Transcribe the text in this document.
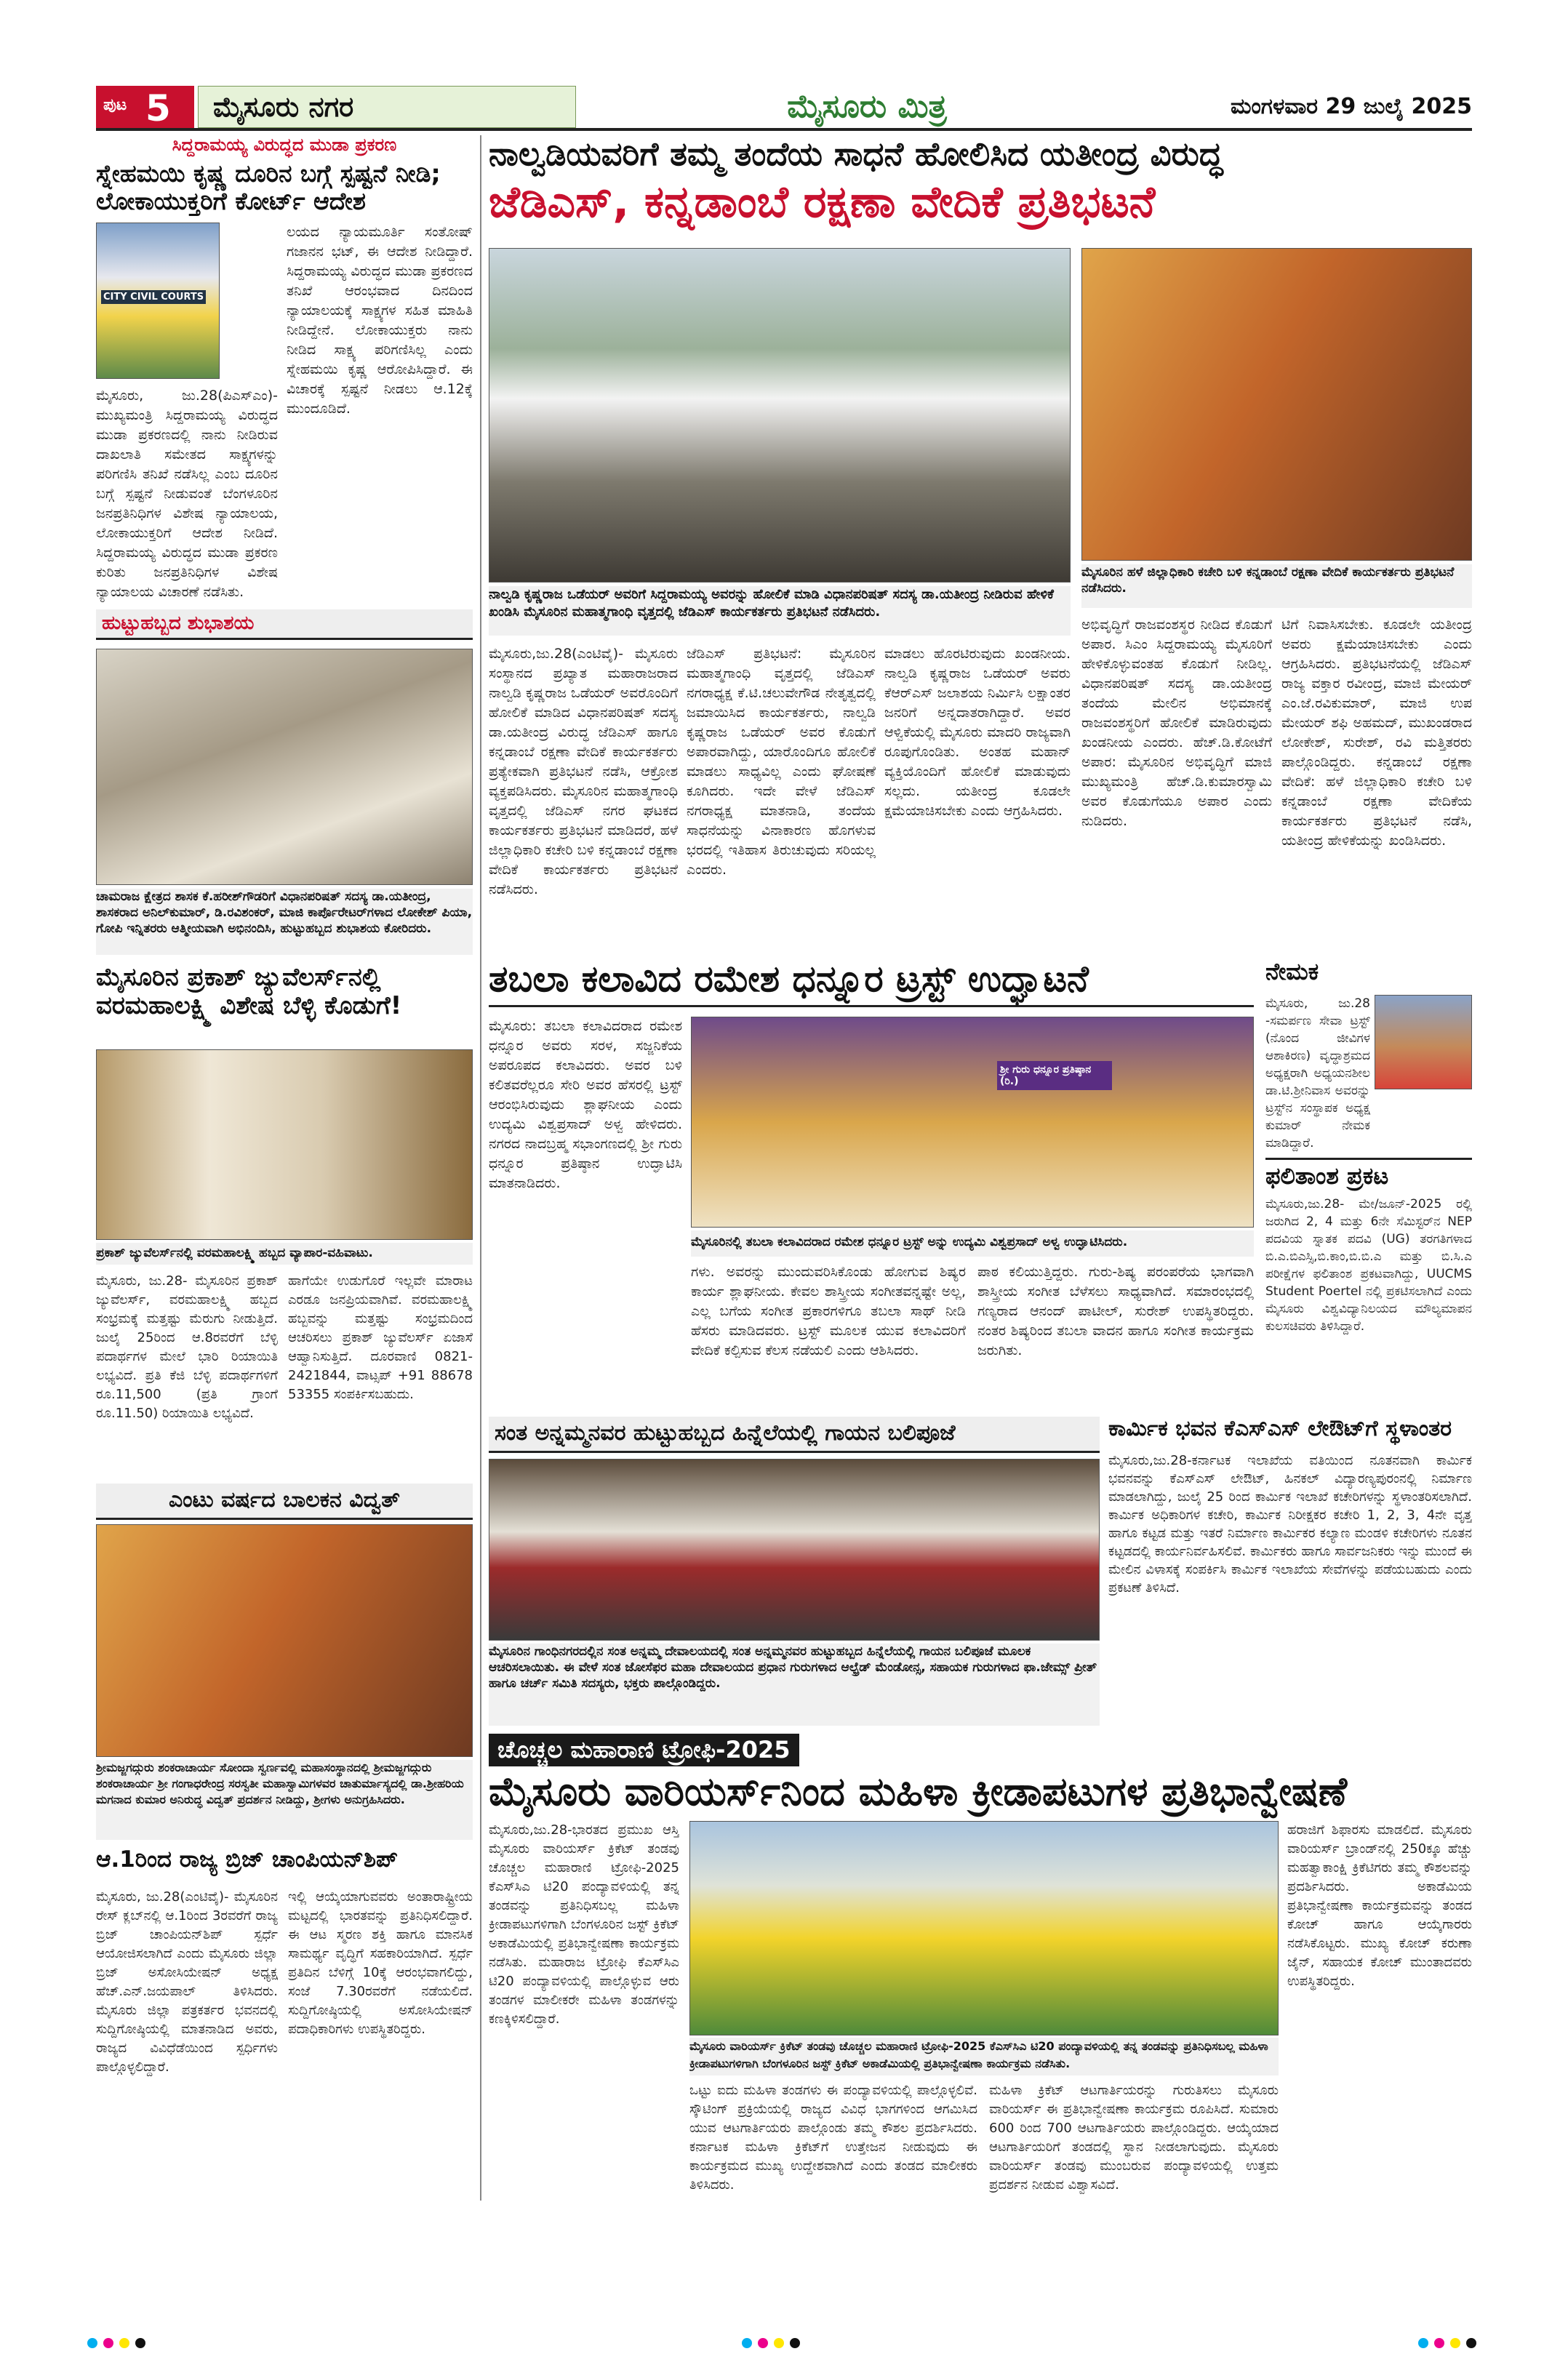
ಪುಟ 5 ಮೈಸೂರು ನಗರ	ಮೈಸೂರು ಮಿತ್ರ	ಮಂಗಳವಾರ 29 ಜುಲೈ 2025
ಸಿದ್ದರಾಮಯ್ಯ ವಿರುದ್ಧದ ಮುಡಾ ಪ್ರಕರಣ
ಸ್ನೇಹಮಯಿ ಕೃಷ್ಣ ದೂರಿನ ಬಗ್ಗೆ ಸ್ಪಷ್ಟನೆ ನೀಡಿ; ಲೋಕಾಯುಕ್ತರಿಗೆ ಕೋರ್ಟ್ ಆದೇಶ
CITY CIVIL COURTS
ಮೈಸೂರು, ಜು.28(ಪಿಎಸ್‌ಎಂ)- ಮುಖ್ಯಮಂತ್ರಿ ಸಿದ್ದರಾಮಯ್ಯ ವಿರುದ್ಧದ ಮುಡಾ ಪ್ರಕರಣದಲ್ಲಿ ನಾನು ನೀಡಿರುವ ದಾಖಲಾತಿ ಸಮೇತದ ಸಾಕ್ಷ್ಯಗಳನ್ನು ಪರಿಗಣಿಸಿ ತನಿಖೆ ನಡೆಸಿಲ್ಲ ಎಂಬ ದೂರಿನ ಬಗ್ಗೆ ಸ್ಪಷ್ಟನೆ ನೀಡುವಂತೆ ಬೆಂಗಳೂರಿನ ಜನಪ್ರತಿನಿಧಿಗಳ ವಿಶೇಷ ನ್ಯಾಯಾಲಯ, ಲೋಕಾಯುಕ್ತರಿಗೆ ಆದೇಶ ನೀಡಿದೆ. ಸಿದ್ದರಾಮಯ್ಯ ವಿರುದ್ಧದ ಮುಡಾ ಪ್ರಕರಣ ಕುರಿತು ಜನಪ್ರತಿನಿಧಿಗಳ ವಿಶೇಷ ನ್ಯಾಯಾಲಯ ವಿಚಾರಣೆ ನಡೆಸಿತು.
ಲಯದ ನ್ಯಾಯಮೂರ್ತಿ ಸಂತೋಷ್ ಗಜಾನನ ಭಟ್, ಈ ಆದೇಶ ನೀಡಿದ್ದಾರೆ. ಸಿದ್ದರಾಮಯ್ಯ ವಿರುದ್ಧದ ಮುಡಾ ಪ್ರಕರಣದ ತನಿಖೆ ಆರಂಭವಾದ ದಿನದಿಂದ ನ್ಯಾಯಾಲಯಕ್ಕೆ ಸಾಕ್ಷ್ಯಗಳ ಸಹಿತ ಮಾಹಿತಿ ನೀಡಿದ್ದೇನೆ. ಲೋಕಾಯುಕ್ತರು ನಾನು ನೀಡಿದ ಸಾಕ್ಷ್ಯ ಪರಿಗಣಿಸಿಲ್ಲ ಎಂದು ಸ್ನೇಹಮಯಿ ಕೃಷ್ಣ ಆರೋಪಿಸಿದ್ದಾರೆ. ಈ ವಿಚಾರಕ್ಕೆ ಸ್ಪಷ್ಟನೆ ನೀಡಲು ಆ.12ಕ್ಕೆ ಮುಂದೂಡಿದೆ.
ಹುಟ್ಟುಹಬ್ಬದ ಶುಭಾಶಯ
ಚಾಮರಾಜ ಕ್ಷೇತ್ರದ ಶಾಸಕ ಕೆ.ಹರೀಶ್‌ಗೌಡರಿಗೆ ವಿಧಾನಪರಿಷತ್ ಸದಸ್ಯ ಡಾ.ಯತೀಂದ್ರ, ಶಾಸಕರಾದ ಅನಿಲ್‌ಕುಮಾರ್, ಡಿ.ರವಿಶಂಕರ್, ಮಾಜಿ ಕಾರ್ಪೊರೇಟರ್‌ಗಳಾದ ಲೋಕೇಶ್ ಪಿಯಾ, ಗೋಪಿ ಇನ್ನಿತರರು ಆತ್ಮೀಯವಾಗಿ ಅಭಿನಂದಿಸಿ, ಹುಟ್ಟುಹಬ್ಬದ ಶುಭಾಶಯ ಕೋರಿದರು.
ಮೈಸೂರಿನ ಪ್ರಕಾಶ್ ಜ್ಯುವೆಲರ್ಸ್‌ನಲ್ಲಿ ವರಮಹಾಲಕ್ಷ್ಮಿ ವಿಶೇಷ ಬೆಳ್ಳಿ ಕೊಡುಗೆ!
ಪ್ರಕಾಶ್ ಜ್ಯುವೆಲರ್ಸ್‌ನಲ್ಲಿ ವರಮಹಾಲಕ್ಷ್ಮಿ ಹಬ್ಬದ ವ್ಯಾಪಾರ-ವಹಿವಾಟು.
ಮೈಸೂರು, ಜು.28- ಮೈಸೂರಿನ ಪ್ರಕಾಶ್ ಜ್ಯುವೆಲರ್ಸ್, ವರಮಹಾಲಕ್ಷ್ಮಿ ಹಬ್ಬದ ಸಂಭ್ರಮಕ್ಕೆ ಮತ್ತಷ್ಟು ಮೆರುಗು ನೀಡುತ್ತಿದೆ. ಜುಲೈ 25ರಿಂದ ಆ.8ರವರೆಗೆ ಬೆಳ್ಳಿ ಪದಾರ್ಥಗಳ ಮೇಲೆ ಭಾರಿ ರಿಯಾಯಿತಿ ಲಭ್ಯವಿದೆ. ಪ್ರತಿ ಕೆಜಿ ಬೆಳ್ಳಿ ಪದಾರ್ಥಗಳಿಗೆ ರೂ.11,500 (ಪ್ರತಿ ಗ್ರಾಂಗೆ ರೂ.11.50) ರಿಯಾಯಿತಿ ಲಭ್ಯವಿದೆ.
ಹಾಗೆಯೇ ಉಡುಗೊರೆ ಇಲ್ಲವೇ ಮಾರಾಟ ಎರಡೂ ಜನಪ್ರಿಯವಾಗಿವೆ. ವರಮಹಾಲಕ್ಷ್ಮಿ ಹಬ್ಬವನ್ನು ಮತ್ತಷ್ಟು ಸಂಭ್ರಮದಿಂದ ಆಚರಿಸಲು ಪ್ರಕಾಶ್ ಜ್ಯುವೆಲರ್ಸ್ ಏಜಾಸೆ ಆಹ್ವಾನಿಸುತ್ತಿದೆ. ದೂರವಾಣಿ 0821-2421844, ವಾಟ್ಸಪ್ +91 88678 53355 ಸಂಪರ್ಕಿಸಬಹುದು.
ಎಂಟು ವರ್ಷದ ಬಾಲಕನ ವಿದ್ವತ್
ಶ್ರೀಮಜ್ಜಗದ್ಗುರು ಶಂಕರಾಚಾರ್ಯ ಸೋಂದಾ ಸ್ವರ್ಣವಲ್ಲಿ ಮಹಾಸಂಸ್ಥಾನದಲ್ಲಿ ಶ್ರೀಮಜ್ಜಗದ್ಗುರು ಶಂಕರಾಚಾರ್ಯ ಶ್ರೀ ಗಂಗಾಧರೇಂದ್ರ ಸರಸ್ವತೀ ಮಹಾಸ್ವಾಮಿಗಳವರ ಚಾತುರ್ಮಾಸ್ಯದಲ್ಲಿ ಡಾ.ಶ್ರೀಹರಿಯ ಮಗನಾದ ಕುಮಾರ ಅನಿರುದ್ಧ ವಿದ್ವತ್ ಪ್ರದರ್ಶನ ನೀಡಿದ್ದು, ಶ್ರೀಗಳು ಅನುಗ್ರಹಿಸಿದರು.
ಆ.1ರಿಂದ ರಾಜ್ಯ ಬ್ರಿಜ್ ಚಾಂಪಿಯನ್‌ಶಿಪ್
ಮೈಸೂರು, ಜು.28(ಎಂಟಿವೈ)- ಮೈಸೂರಿನ ರೇಸ್ ಕ್ಲಬ್‌ನಲ್ಲಿ ಆ.1ರಿಂದ 3ರವರೆಗೆ ರಾಜ್ಯ ಬ್ರಿಜ್ ಚಾಂಪಿಯನ್‌ಶಿಪ್ ಸ್ಪರ್ಧೆ ಆಯೋಜಿಸಲಾಗಿದೆ ಎಂದು ಮೈಸೂರು ಜಿಲ್ಲಾ ಬ್ರಿಜ್ ಅಸೋಸಿಯೇಷನ್ ಅಧ್ಯಕ್ಷ ಹೆಚ್.ಎನ್.ಜಯಪಾಲ್ ತಿಳಿಸಿದರು. ಮೈಸೂರು ಜಿಲ್ಲಾ ಪತ್ರಕರ್ತರ ಭವನದಲ್ಲಿ ಸುದ್ದಿಗೋಷ್ಠಿಯಲ್ಲಿ ಮಾತನಾಡಿದ ಅವರು, ರಾಜ್ಯದ ವಿವಿಧೆಡೆಯಿಂದ ಸ್ಪರ್ಧಿಗಳು ಪಾಲ್ಗೊಳ್ಳಲಿದ್ದಾರೆ.
ಇಲ್ಲಿ ಆಯ್ಕೆಯಾಗುವವರು ಅಂತಾರಾಷ್ಟ್ರೀಯ ಮಟ್ಟದಲ್ಲಿ ಭಾರತವನ್ನು ಪ್ರತಿನಿಧಿಸಲಿದ್ದಾರೆ. ಈ ಆಟ ಸ್ಮರಣ ಶಕ್ತಿ ಹಾಗೂ ಮಾನಸಿಕ ಸಾಮರ್ಥ್ಯ ವೃದ್ಧಿಗೆ ಸಹಕಾರಿಯಾಗಿದೆ. ಸ್ಪರ್ಧೆ ಪ್ರತಿದಿನ ಬೆಳಿಗ್ಗೆ 10ಕ್ಕೆ ಆರಂಭವಾಗಲಿದ್ದು, ಸಂಜೆ 7.30ರವರೆಗೆ ನಡೆಯಲಿದೆ. ಸುದ್ದಿಗೋಷ್ಠಿಯಲ್ಲಿ ಅಸೋಸಿಯೇಷನ್ ಪದಾಧಿಕಾರಿಗಳು ಉಪಸ್ಥಿತರಿದ್ದರು.
ನಾಲ್ವಡಿಯವರಿಗೆ ತಮ್ಮ ತಂದೆಯ ಸಾಧನೆ ಹೋಲಿಸಿದ ಯತೀಂದ್ರ ವಿರುದ್ಧ
ಜೆಡಿಎಸ್, ಕನ್ನಡಾಂಬೆ ರಕ್ಷಣಾ ವೇದಿಕೆ ಪ್ರತಿಭಟನೆ
ನಾಲ್ವಡಿ ಕೃಷ್ಣರಾಜ ಒಡೆಯರ್ ಅವರಿಗೆ ಸಿದ್ದರಾಮಯ್ಯ ಅವರನ್ನು ಹೋಲಿಕೆ ಮಾಡಿ ವಿಧಾನಪರಿಷತ್ ಸದಸ್ಯ ಡಾ.ಯತೀಂದ್ರ ನೀಡಿರುವ ಹೇಳಿಕೆ ಖಂಡಿಸಿ ಮೈಸೂರಿನ ಮಹಾತ್ಮಗಾಂಧಿ ವೃತ್ತದಲ್ಲಿ ಜೆಡಿಎಸ್ ಕಾರ್ಯಕರ್ತರು ಪ್ರತಿಭಟನೆ ನಡೆಸಿದರು.
ಮೈಸೂರಿನ ಹಳೆ ಜಿಲ್ಲಾಧಿಕಾರಿ ಕಚೇರಿ ಬಳಿ ಕನ್ನಡಾಂಬೆ ರಕ್ಷಣಾ ವೇದಿಕೆ ಕಾರ್ಯಕರ್ತರು ಪ್ರತಿಭಟನೆ ನಡೆಸಿದರು.
ಮೈಸೂರು,ಜು.28(ಎಂಟಿವೈ)- ಮೈಸೂರು ಸಂಸ್ಥಾನದ ಪ್ರಖ್ಯಾತ ಮಹಾರಾಜರಾದ ನಾಲ್ವಡಿ ಕೃಷ್ಣರಾಜ ಒಡೆಯರ್ ಅವರೊಂದಿಗೆ ಹೋಲಿಕೆ ಮಾಡಿದ ವಿಧಾನಪರಿಷತ್ ಸದಸ್ಯ ಡಾ.ಯತೀಂದ್ರ ವಿರುದ್ಧ ಜೆಡಿಎಸ್ ಹಾಗೂ ಕನ್ನಡಾಂಬೆ ರಕ್ಷಣಾ ವೇದಿಕೆ ಕಾರ್ಯಕರ್ತರು ಪ್ರತ್ಯೇಕವಾಗಿ ಪ್ರತಿಭಟನೆ ನಡೆಸಿ, ಆಕ್ರೋಶ ವ್ಯಕ್ತಪಡಿಸಿದರು. ಮೈಸೂರಿನ ಮಹಾತ್ಮಗಾಂಧಿ ವೃತ್ತದಲ್ಲಿ ಜೆಡಿಎಸ್ ನಗರ ಘಟಕದ ಕಾರ್ಯಕರ್ತರು ಪ್ರತಿಭಟನೆ ಮಾಡಿದರೆ, ಹಳೆ ಜಿಲ್ಲಾಧಿಕಾರಿ ಕಚೇರಿ ಬಳಿ ಕನ್ನಡಾಂಬೆ ರಕ್ಷಣಾ ವೇದಿಕೆ ಕಾರ್ಯಕರ್ತರು ಪ್ರತಿಭಟನೆ ನಡೆಸಿದರು.
ಜೆಡಿಎಸ್ ಪ್ರತಿಭಟನೆ: ಮೈಸೂರಿನ ಮಹಾತ್ಮಗಾಂಧಿ ವೃತ್ತದಲ್ಲಿ ಜೆಡಿಎಸ್ ನಗರಾಧ್ಯಕ್ಷ ಕೆ.ಟಿ.ಚಲುವೇಗೌಡ ನೇತೃತ್ವದಲ್ಲಿ ಜಮಾಯಿಸಿದ ಕಾರ್ಯಕರ್ತರು, ನಾಲ್ವಡಿ ಕೃಷ್ಣರಾಜ ಒಡೆಯರ್ ಅವರ ಕೊಡುಗೆ ಅಪಾರವಾಗಿದ್ದು, ಯಾರೊಂದಿಗೂ ಹೋಲಿಕೆ ಮಾಡಲು ಸಾಧ್ಯವಿಲ್ಲ ಎಂದು ಘೋಷಣೆ ಕೂಗಿದರು. ಇದೇ ವೇಳೆ ಜೆಡಿಎಸ್ ನಗರಾಧ್ಯಕ್ಷ ಮಾತನಾಡಿ, ತಂದೆಯ ಸಾಧನೆಯನ್ನು ವಿನಾಕಾರಣ ಹೊಗಳುವ ಭರದಲ್ಲಿ ಇತಿಹಾಸ ತಿರುಚುವುದು ಸರಿಯಲ್ಲ ಎಂದರು.
ಮಾಡಲು ಹೊರಟಿರುವುದು ಖಂಡನೀಯ. ನಾಲ್ವಡಿ ಕೃಷ್ಣರಾಜ ಒಡೆಯರ್ ಅವರು ಕೆಆರ್‌ಎಸ್ ಜಲಾಶಯ ನಿರ್ಮಿಸಿ ಲಕ್ಷಾಂತರ ಜನರಿಗೆ ಅನ್ನದಾತರಾಗಿದ್ದಾರೆ. ಅವರ ಆಳ್ವಿಕೆಯಲ್ಲಿ ಮೈಸೂರು ಮಾದರಿ ರಾಜ್ಯವಾಗಿ ರೂಪುಗೊಂಡಿತು. ಅಂತಹ ಮಹಾನ್ ವ್ಯಕ್ತಿಯೊಂದಿಗೆ ಹೋಲಿಕೆ ಮಾಡುವುದು ಸಲ್ಲದು. ಯತೀಂದ್ರ ಕೂಡಲೇ ಕ್ಷಮೆಯಾಚಿಸಬೇಕು ಎಂದು ಆಗ್ರಹಿಸಿದರು.
ಅಭಿವೃದ್ಧಿಗೆ ರಾಜವಂಶಸ್ಥರ ನೀಡಿದ ಕೊಡುಗೆ ಅಪಾರ. ಸಿಎಂ ಸಿದ್ದರಾಮಯ್ಯ ಮೈಸೂರಿಗೆ ಹೇಳಿಕೊಳ್ಳುವಂತಹ ಕೊಡುಗೆ ನೀಡಿಲ್ಲ. ವಿಧಾನಪರಿಷತ್ ಸದಸ್ಯ ಡಾ.ಯತೀಂದ್ರ ತಂದೆಯ ಮೇಲಿನ ಅಭಿಮಾನಕ್ಕೆ ರಾಜವಂಶಸ್ಥರಿಗೆ ಹೋಲಿಕೆ ಮಾಡಿರುವುದು ಖಂಡನೀಯ ಎಂದರು. ಹೆಚ್.ಡಿ.ಕೋಟೆಗೆ ಅಪಾರ: ಮೈಸೂರಿನ ಅಭಿವೃದ್ಧಿಗೆ ಮಾಜಿ ಮುಖ್ಯಮಂತ್ರಿ ಹೆಚ್.ಡಿ.ಕುಮಾರಸ್ವಾಮಿ ಅವರ ಕೊಡುಗೆಯೂ ಅಪಾರ ಎಂದು ನುಡಿದರು.
ಟಿಗೆ ನಿವಾಸಿಸಬೇಕು. ಕೂಡಲೇ ಯತೀಂದ್ರ ಅವರು ಕ್ಷಮೆಯಾಚಿಸಬೇಕು ಎಂದು ಆಗ್ರಹಿಸಿದರು. ಪ್ರತಿಭಟನೆಯಲ್ಲಿ ಜೆಡಿಎಸ್ ರಾಜ್ಯ ವಕ್ತಾರ ರವೀಂದ್ರ, ಮಾಜಿ ಮೇಯರ್ ಎಂ.ಜೆ.ರವಿಕುಮಾರ್, ಮಾಜಿ ಉಪ ಮೇಯರ್ ಶಫಿ ಅಹಮದ್, ಮುಖಂಡರಾದ ಲೋಕೇಶ್, ಸುರೇಶ್, ರವಿ ಮತ್ತಿತರರು ಪಾಲ್ಗೊಂಡಿದ್ದರು. ಕನ್ನಡಾಂಬೆ ರಕ್ಷಣಾ ವೇದಿಕೆ: ಹಳೆ ಜಿಲ್ಲಾಧಿಕಾರಿ ಕಚೇರಿ ಬಳಿ ಕನ್ನಡಾಂಬೆ ರಕ್ಷಣಾ ವೇದಿಕೆಯ ಕಾರ್ಯಕರ್ತರು ಪ್ರತಿಭಟನೆ ನಡೆಸಿ, ಯತೀಂದ್ರ ಹೇಳಿಕೆಯನ್ನು ಖಂಡಿಸಿದರು.
ತಬಲಾ ಕಲಾವಿದ ರಮೇಶ ಧನ್ನೂರ ಟ್ರಸ್ಟ್ ಉದ್ಘಾಟನೆ
ಶ್ರೀ ಗುರು ಧನ್ನೂರ ಪ್ರತಿಷ್ಠಾನ (ರಿ.)
ಮೈಸೂರಿನಲ್ಲಿ ತಬಲಾ ಕಲಾವಿದರಾದ ರಮೇಶ ಧನ್ನೂರ ಟ್ರಸ್ಟ್ ಅನ್ನು ಉದ್ಯಮಿ ವಿಶ್ವಪ್ರಸಾದ್ ಅಳ್ವ ಉದ್ಘಾಟಿಸಿದರು.
ಮೈಸೂರು: ತಬಲಾ ಕಲಾವಿದರಾದ ರಮೇಶ ಧನ್ನೂರ ಅವರು ಸರಳ, ಸಜ್ಜನಿಕೆಯ ಅಪರೂಪದ ಕಲಾವಿದರು. ಅವರ ಬಳಿ ಕಲಿತವರೆಲ್ಲರೂ ಸೇರಿ ಅವರ ಹೆಸರಲ್ಲಿ ಟ್ರಸ್ಟ್ ಆರಂಭಿಸಿರುವುದು ಶ್ಲಾಘನೀಯ ಎಂದು ಉದ್ಯಮಿ ವಿಶ್ವಪ್ರಸಾದ್ ಅಳ್ವ ಹೇಳಿದರು. ನಗರದ ನಾದಬ್ರಹ್ಮ ಸಭಾಂಗಣದಲ್ಲಿ ಶ್ರೀ ಗುರು ಧನ್ನೂರ ಪ್ರತಿಷ್ಠಾನ ಉದ್ಘಾಟಿಸಿ ಮಾತನಾಡಿದರು.
ಗಳು. ಅವರನ್ನು ಮುಂದುವರಿಸಿಕೊಂಡು ಹೋಗುವ ಶಿಷ್ಯರ ಕಾರ್ಯ ಶ್ಲಾಘನೀಯ. ಕೇವಲ ಶಾಸ್ತ್ರೀಯ ಸಂಗೀತವನ್ನಷ್ಟೇ ಅಲ್ಲ, ಎಲ್ಲ ಬಗೆಯ ಸಂಗೀತ ಪ್ರಕಾರಗಳಿಗೂ ತಬಲಾ ಸಾಥ್ ನೀಡಿ ಹೆಸರು ಮಾಡಿದವರು. ಟ್ರಸ್ಟ್ ಮೂಲಕ ಯುವ ಕಲಾವಿದರಿಗೆ ವೇದಿಕೆ ಕಲ್ಪಿಸುವ ಕೆಲಸ ನಡೆಯಲಿ ಎಂದು ಆಶಿಸಿದರು.
ಪಾಠ ಕಲಿಯುತ್ತಿದ್ದರು. ಗುರು-ಶಿಷ್ಯ ಪರಂಪರೆಯ ಭಾಗವಾಗಿ ಶಾಸ್ತ್ರೀಯ ಸಂಗೀತ ಬೆಳೆಸಲು ಸಾಧ್ಯವಾಗಿದೆ. ಸಮಾರಂಭದಲ್ಲಿ ಗಣ್ಯರಾದ ಆನಂದ್ ಪಾಟೀಲ್, ಸುರೇಶ್ ಉಪಸ್ಥಿತರಿದ್ದರು. ನಂತರ ಶಿಷ್ಯರಿಂದ ತಬಲಾ ವಾದನ ಹಾಗೂ ಸಂಗೀತ ಕಾರ್ಯಕ್ರಮ ಜರುಗಿತು.
ನೇಮಕ
ಮೈಸೂರು, ಜು.28 -ಸಮರ್ಪಣ ಸೇವಾ ಟ್ರಸ್ಟ್ (ನೊಂದ ಜೀವಿಗಳ ಆಶಾಕಿರಣ) ವೃದ್ಧಾಶ್ರಮದ ಅಧ್ಯಕ್ಷರಾಗಿ ಅಧ್ಯಯನಶೀಲ ಡಾ.ಟಿ.ಶ್ರೀನಿವಾಸ ಅವರನ್ನು ಟ್ರಸ್ಟ್‌ನ ಸಂಸ್ಥಾಪಕ ಅಧ್ಯಕ್ಷ ಕುಮಾರ್ ನೇಮಕ ಮಾಡಿದ್ದಾರೆ.
ಫಲಿತಾಂಶ ಪ್ರಕಟ
ಮೈಸೂರು,ಜು.28- ಮೇ/ಜೂನ್-2025 ರಲ್ಲಿ ಜರುಗಿದ 2, 4 ಮತ್ತು 6ನೇ ಸೆಮಿಸ್ಟರ್‌ನ NEP ಪದವಿಯ ಸ್ನಾತಕ ಪದವಿ (UG) ತರಗತಿಗಳಾದ ಬಿ.ಎ.ಬಿಎಸ್ಸಿ,ಬಿ.ಕಾಂ,ಬಿ.ಬಿ.ಎ ಮತ್ತು ಬಿ.ಸಿ.ಎ ಪರೀಕ್ಷೆಗಳ ಫಲಿತಾಂಶ ಪ್ರಕಟವಾಗಿದ್ದು, UUCMS Student Poertel ನಲ್ಲಿ ಪ್ರಕಟಿಸಲಾಗಿದೆ ಎಂದು ಮೈಸೂರು ವಿಶ್ವವಿದ್ಯಾನಿಲಯದ ಮೌಲ್ಯಮಾಪನ ಕುಲಸಚಿವರು ತಿಳಿಸಿದ್ದಾರೆ.
ಸಂತ ಅನ್ನಮ್ಮನವರ ಹುಟ್ಟುಹಬ್ಬದ ಹಿನ್ನೆಲೆಯಲ್ಲಿ ಗಾಯನ ಬಲಿಪೂಜೆ
ಮೈಸೂರಿನ ಗಾಂಧಿನಗರದಲ್ಲಿನ ಸಂತ ಅನ್ನಮ್ಮ ದೇವಾಲಯದಲ್ಲಿ ಸಂತ ಅನ್ನಮ್ಮನವರ ಹುಟ್ಟುಹಬ್ಬದ ಹಿನ್ನೆಲೆಯಲ್ಲಿ ಗಾಯನ ಬಲಿಪೂಜೆ ಮೂಲಕ ಆಚರಿಸಲಾಯಿತು. ಈ ವೇಳೆ ಸಂತ ಜೋಸೆಫರ ಮಹಾ ದೇವಾಲಯದ ಪ್ರಧಾನ ಗುರುಗಳಾದ ಆಲ್ಫ್ರೆಡ್ ಮೆಂಡೋನ್ಸ, ಸಹಾಯಕ ಗುರುಗಳಾದ ಫಾ.ಜೇಮ್ಸ್ ಪ್ರೀತ್ ಹಾಗೂ ಚರ್ಚ್ ಸಮಿತಿ ಸದಸ್ಯರು, ಭಕ್ತರು ಪಾಲ್ಗೊಂಡಿದ್ದರು.
ಕಾರ್ಮಿಕ ಭವನ ಕೆಎಸ್‌ಎಸ್ ಲೇಔಟ್‌ಗೆ ಸ್ಥಳಾಂತರ
ಮೈಸೂರು,ಜು.28-ಕರ್ನಾಟಕ ಇಲಾಖೆಯ ವತಿಯಿಂದ ನೂತನವಾಗಿ ಕಾರ್ಮಿಕ ಭವನವನ್ನು ಕೆಎಸ್‌ಎಸ್ ಲೇಔಟ್, ಹಿನಕಲ್ ವಿದ್ಯಾರಣ್ಯಪುರಂನಲ್ಲಿ ನಿರ್ಮಾಣ ಮಾಡಲಾಗಿದ್ದು, ಜುಲೈ 25 ರಿಂದ ಕಾರ್ಮಿಕ ಇಲಾಖೆ ಕಚೇರಿಗಳನ್ನು ಸ್ಥಳಾಂತರಿಸಲಾಗಿದೆ. ಕಾರ್ಮಿಕ ಅಧಿಕಾರಿಗಳ ಕಚೇರಿ, ಕಾರ್ಮಿಕ ನಿರೀಕ್ಷಕರ ಕಚೇರಿ 1, 2, 3, 4ನೇ ವೃತ್ತ ಹಾಗೂ ಕಟ್ಟಡ ಮತ್ತು ಇತರೆ ನಿರ್ಮಾಣ ಕಾರ್ಮಿಕರ ಕಲ್ಯಾಣ ಮಂಡಳಿ ಕಚೇರಿಗಳು ನೂತನ ಕಟ್ಟಡದಲ್ಲಿ ಕಾರ್ಯನಿರ್ವಹಿಸಲಿವೆ. ಕಾರ್ಮಿಕರು ಹಾಗೂ ಸಾರ್ವಜನಿಕರು ಇನ್ನು ಮುಂದೆ ಈ ಮೇಲಿನ ವಿಳಾಸಕ್ಕೆ ಸಂಪರ್ಕಿಸಿ ಕಾರ್ಮಿಕ ಇಲಾಖೆಯ ಸೇವೆಗಳನ್ನು ಪಡೆಯಬಹುದು ಎಂದು ಪ್ರಕಟಣೆ ತಿಳಿಸಿದೆ.
ಚೊಚ್ಚಲ ಮಹಾರಾಣಿ ಟ್ರೋಫಿ-2025
ಮೈಸೂರು ವಾರಿಯರ್ಸ್‌ನಿಂದ ಮಹಿಳಾ ಕ್ರೀಡಾಪಟುಗಳ ಪ್ರತಿಭಾನ್ವೇಷಣೆ
ಮೈಸೂರು,ಜು.28-ಭಾರತದ ಪ್ರಮುಖ ಆಸ್ತಿ ಮೈಸೂರು ವಾರಿಯರ್ಸ್ ಕ್ರಿಕೆಟ್ ತಂಡವು ಚೊಚ್ಚಲ ಮಹಾರಾಣಿ ಟ್ರೋಫಿ-2025 ಕೆಎಸ್‌ಸಿಎ ಟಿ20 ಪಂದ್ಯಾವಳಿಯಲ್ಲಿ ತನ್ನ ತಂಡವನ್ನು ಪ್ರತಿನಿಧಿಸಬಲ್ಲ ಮಹಿಳಾ ಕ್ರೀಡಾಪಟುಗಳಿಗಾಗಿ ಬೆಂಗಳೂರಿನ ಜಸ್ಟ್ ಕ್ರಿಕೆಟ್ ಅಕಾಡೆಮಿಯಲ್ಲಿ ಪ್ರತಿಭಾನ್ವೇಷಣಾ ಕಾರ್ಯಕ್ರಮ ನಡೆಸಿತು. ಮಹಾರಾಜ ಟ್ರೋಫಿ ಕೆಎಸ್‌ಸಿಎ ಟಿ20 ಪಂದ್ಯಾವಳಿಯಲ್ಲಿ ಪಾಲ್ಗೊಳ್ಳುವ ಆರು ತಂಡಗಳ ಮಾಲೀಕರೇ ಮಹಿಳಾ ತಂಡಗಳನ್ನು ಕಣಕ್ಕಿಳಿಸಲಿದ್ದಾರೆ.
ಮೈಸೂರು ವಾರಿಯರ್ಸ್ ಕ್ರಿಕೆಟ್ ತಂಡವು ಚೊಚ್ಚಲ ಮಹಾರಾಣಿ ಟ್ರೋಫಿ-2025 ಕೆಎಸ್‌ಸಿಎ ಟಿ20 ಪಂದ್ಯಾವಳಿಯಲ್ಲಿ ತನ್ನ ತಂಡವನ್ನು ಪ್ರತಿನಿಧಿಸಬಲ್ಲ ಮಹಿಳಾ ಕ್ರೀಡಾಪಟುಗಳಿಗಾಗಿ ಬೆಂಗಳೂರಿನ ಜಸ್ಟ್ ಕ್ರಿಕೆಟ್ ಅಕಾಡೆಮಿಯಲ್ಲಿ ಪ್ರತಿಭಾನ್ವೇಷಣಾ ಕಾರ್ಯಕ್ರಮ ನಡೆಸಿತು.
ಒಟ್ಟು ಐದು ಮಹಿಳಾ ತಂಡಗಳು ಈ ಪಂದ್ಯಾವಳಿಯಲ್ಲಿ ಪಾಲ್ಗೊಳ್ಳಲಿವೆ. ಸ್ಕೌಟಿಂಗ್ ಪ್ರಕ್ರಿಯೆಯಲ್ಲಿ ರಾಜ್ಯದ ವಿವಿಧ ಭಾಗಗಳಿಂದ ಆಗಮಿಸಿದ ಯುವ ಆಟಗಾರ್ತಿಯರು ಪಾಲ್ಗೊಂಡು ತಮ್ಮ ಕೌಶಲ ಪ್ರದರ್ಶಿಸಿದರು. ಕರ್ನಾಟಕ ಮಹಿಳಾ ಕ್ರಿಕೆಟ್‌ಗೆ ಉತ್ತೇಜನ ನೀಡುವುದು ಈ ಕಾರ್ಯಕ್ರಮದ ಮುಖ್ಯ ಉದ್ದೇಶವಾಗಿದೆ ಎಂದು ತಂಡದ ಮಾಲೀಕರು ತಿಳಿಸಿದರು.
ಮಹಿಳಾ ಕ್ರಿಕೆಟ್ ಆಟಗಾರ್ತಿಯರನ್ನು ಗುರುತಿಸಲು ಮೈಸೂರು ವಾರಿಯರ್ಸ್ ಈ ಪ್ರತಿಭಾನ್ವೇಷಣಾ ಕಾರ್ಯಕ್ರಮ ರೂಪಿಸಿದೆ. ಸುಮಾರು 600 ರಿಂದ 700 ಆಟಗಾರ್ತಿಯರು ಪಾಲ್ಗೊಂಡಿದ್ದರು. ಆಯ್ಕೆಯಾದ ಆಟಗಾರ್ತಿಯರಿಗೆ ತಂಡದಲ್ಲಿ ಸ್ಥಾನ ನೀಡಲಾಗುವುದು. ಮೈಸೂರು ವಾರಿಯರ್ಸ್ ತಂಡವು ಮುಂಬರುವ ಪಂದ್ಯಾವಳಿಯಲ್ಲಿ ಉತ್ತಮ ಪ್ರದರ್ಶನ ನೀಡುವ ವಿಶ್ವಾಸವಿದೆ.
ಹರಾಜಿಗೆ ಶಿಫಾರಸು ಮಾಡಲಿದೆ. ಮೈಸೂರು ವಾರಿಯರ್ಸ್ ಬ್ರಾಂಡ್‌ನಲ್ಲಿ 250ಕ್ಕೂ ಹೆಚ್ಚು ಮಹತ್ವಾಕಾಂಕ್ಷಿ ಕ್ರಿಕೆಟಿಗರು ತಮ್ಮ ಕೌಶಲವನ್ನು ಪ್ರದರ್ಶಿಸಿದರು. ಅಕಾಡೆಮಿಯ ಪ್ರತಿಭಾನ್ವೇಷಣಾ ಕಾರ್ಯಕ್ರಮವನ್ನು ತಂಡದ ಕೋಚ್ ಹಾಗೂ ಆಯ್ಕೆಗಾರರು ನಡೆಸಿಕೊಟ್ಟರು. ಮುಖ್ಯ ಕೋಚ್ ಕರುಣಾ ಜೈನ್, ಸಹಾಯಕ ಕೋಚ್ ಮುಂತಾದವರು ಉಪಸ್ಥಿತರಿದ್ದರು.
